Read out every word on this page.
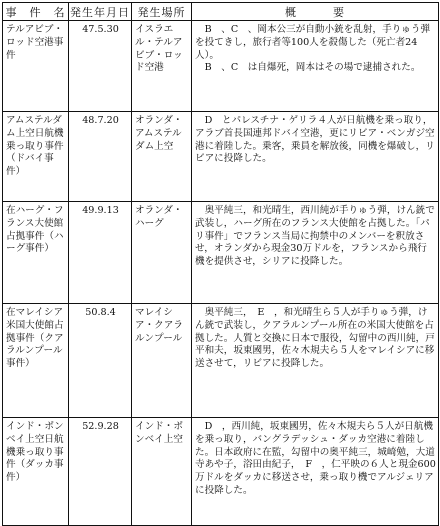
事　件　名	発生年月日	発生場所	概　　　要
テルアビブ・ロッド空港事件	47.5.30	イスラエル・テルアビブ・ロッド空港	B　、C　、岡本公三が自動小銃を乱射，手りゅう弾を投てきし，旅行者等100人を殺傷した（死亡者24人）。
B　、C　は自爆死，岡本はその場で逮捕された。

アムステルダム上空日航機乗っ取り事件（ドバイ事件）	48.7.20	オランダ・アムステルダム上空	D　とパレスチナ・ゲリラ４人が日航機を乗っ取り，アラブ首長国連邦ドバイ空港，更にリビア・ベンガジ空港に着陸した。乗客，乗員を解放後，同機を爆破し，リビアに投降した。

在ハーグ・フランス大使館占拠事件（ハーグ事件）	49.9.13	オランダ・ハーグ	奥平純三，和光晴生，西川純が手りゅう弾，けん銃で武装し，ハーグ所在のフランス大使館を占拠した。「パリ事件」でフランス当局に拘禁中のメンバーを釈放させ，オランダから現金30万ドルを，フランスから飛行機を提供させ，シリアに投降した。

在マレイシア米国大使館占拠事件（クアラルンプール事件）	50.8.4	マレイシア・クアラルンプール	奥平純三，　E　，和光晴生ら５人が手りゅう弾，けん銃で武装し，クアラルンプール所在の米国大使館を占拠した。人質と交換に日本で服役，勾留中の西川純，戸平和夫，坂東國男，佐々木規夫ら５人をマレイシアに移送させて，リビアに投降した。

インド・ボンベイ上空日航機乗っ取り事件（ダッカ事件）	52.9.28	インド・ボンベイ上空	D　，西川純，坂東國男，佐々木規夫ら５人が日航機を乗っ取り，バングラデッシュ・ダッカ空港に着陸した。日本政府に在監，勾留中の奥平純三，城崎勉，大道寺あや子，浴田由紀子，　F　，仁平映の６人と現金600万ドルをダッカに移送させ，乗っ取り機でアルジェリアに投降した。
